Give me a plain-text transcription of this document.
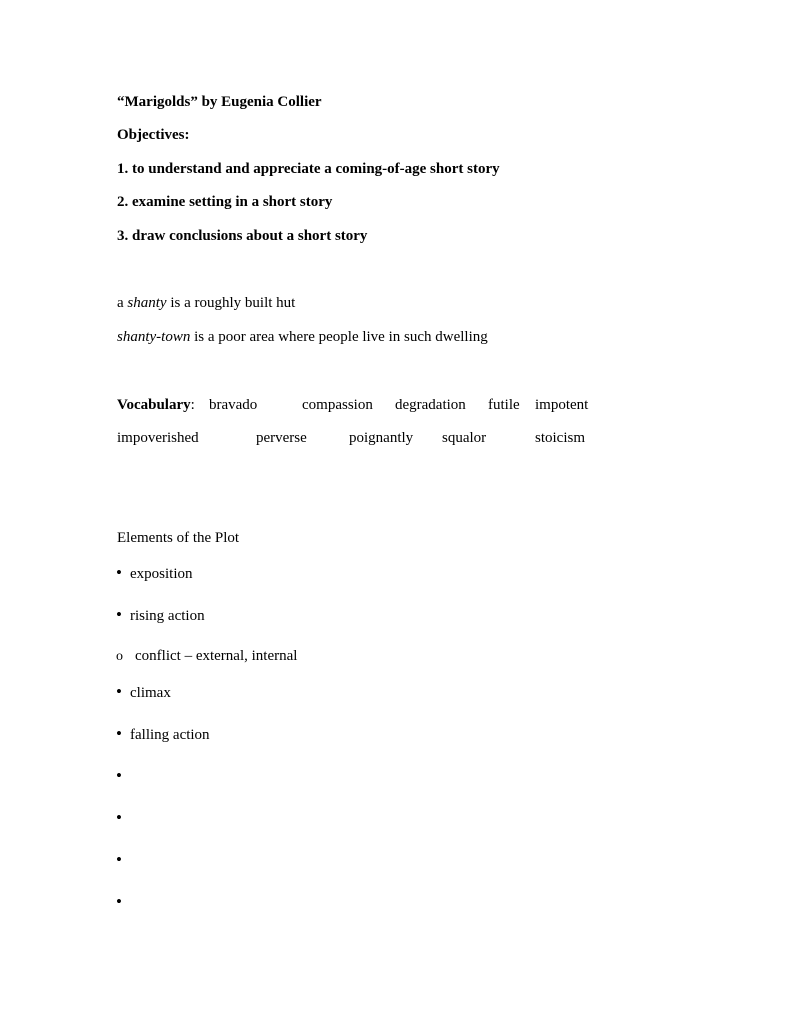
“Marigolds” by Eugenia Collier
Objectives:
1. to understand and appreciate a coming-of-age short story
2. examine setting in a short story
3. draw conclusions about a short story
a shanty is a roughly built hut
shanty-town is a poor area where people live in such dwelling
Vocabulary: bravado	compassion degradation futile impotent
impoverished	perverse	poignantly squalor	stoicism
Elements of the Plot
• exposition
• rising action
o conflict – external, internal
• climax
• falling action
•
•
•
•
